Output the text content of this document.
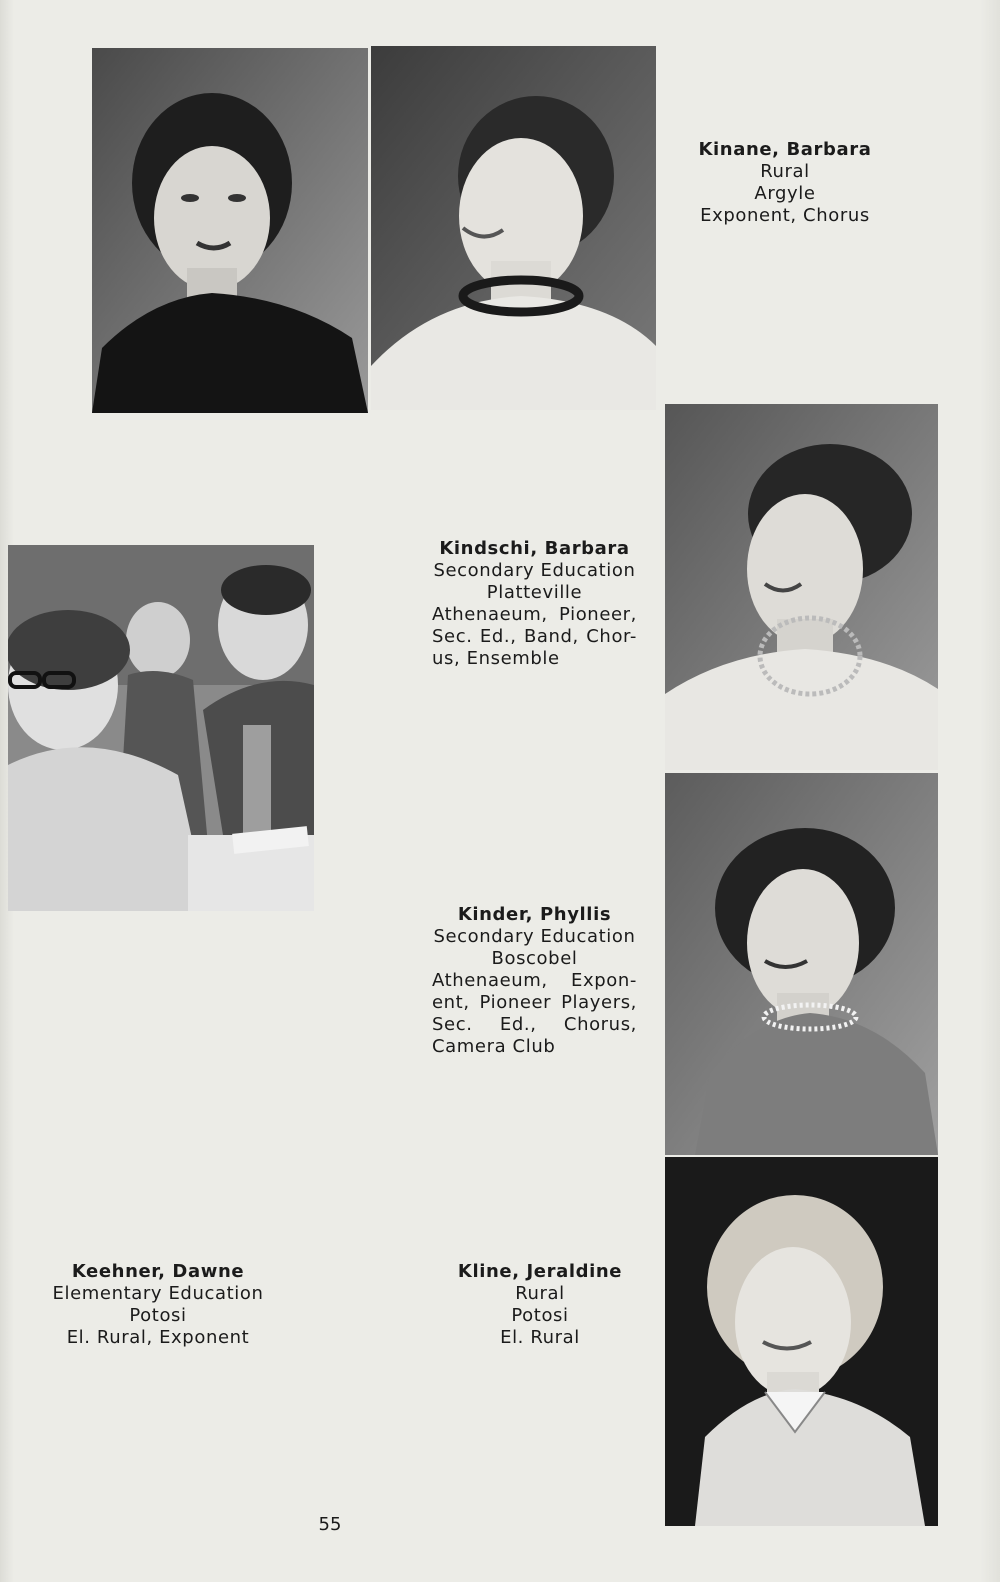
Kinane, Barbara
Rural
Argyle
Exponent, Chorus
Kindschi, Barbara
Secondary Education
Platteville
Athenaeum, Pioneer, Sec. Ed., Band, Chor-us, Ensemble
Kinder, Phyllis
Secondary Education
Boscobel
Athenaeum, Expon-ent, Pioneer Players, Sec. Ed., Chorus, Camera Club
Keehner, Dawne
Elementary Education
Potosi
El. Rural, Exponent
Kline, Jeraldine
Rural
Potosi
El. Rural
55
